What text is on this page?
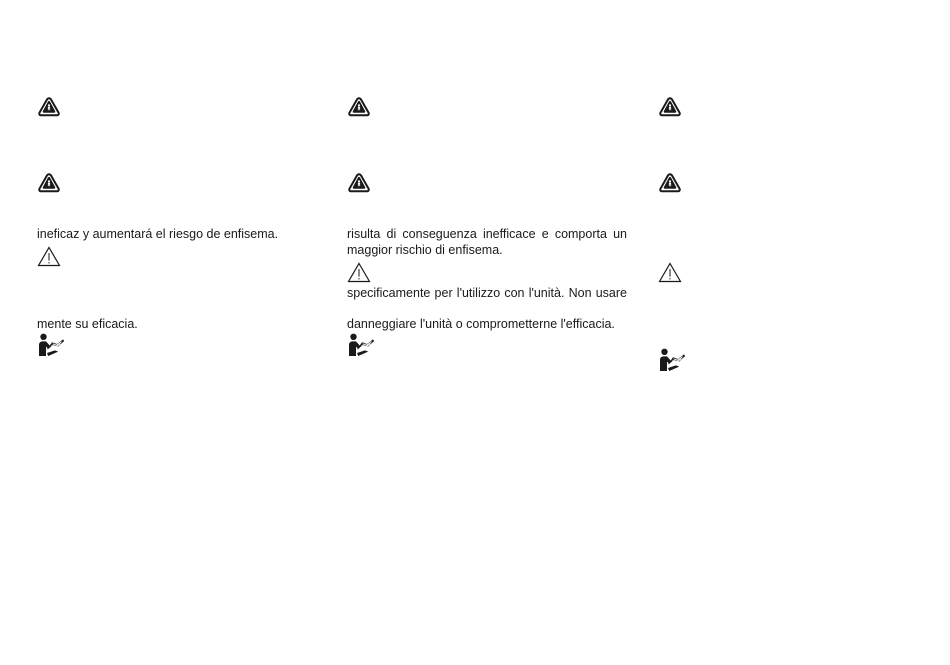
ineficaz y aumentará el riesgo de enfisema.
mente su eficacia.
risulta di conseguenza inefficace e comporta un maggior rischio di enfisema.
specificamente per l'utilizzo con l'unità. Non usare
danneggiare l'unità o comprometterne l'efficacia.
